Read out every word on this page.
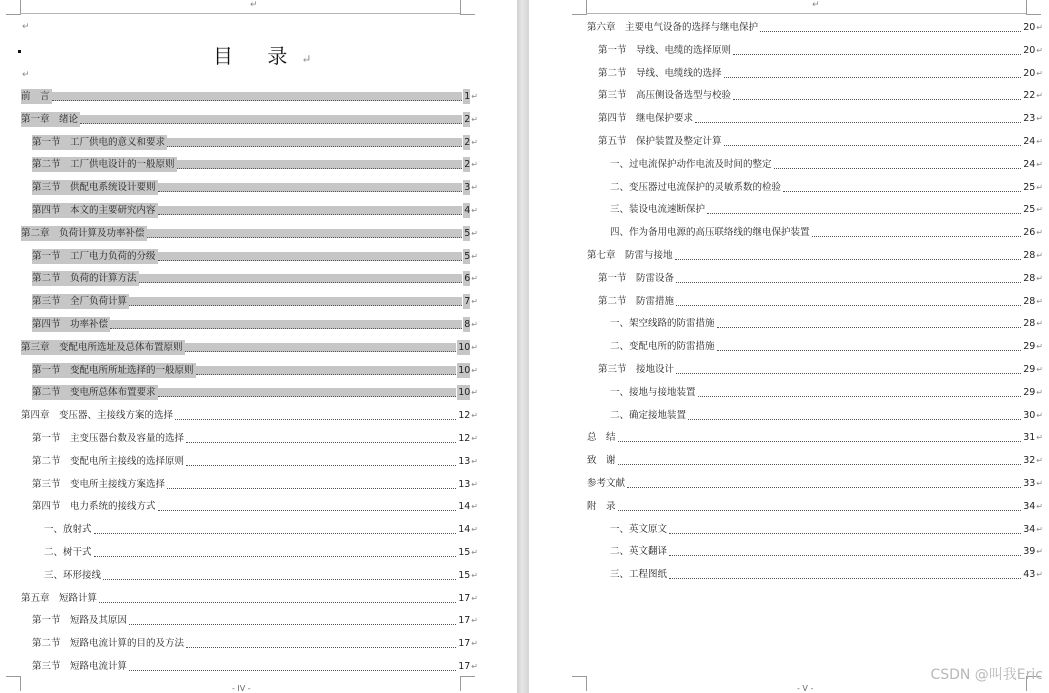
↵
↵
目 录↵
↵
前　言	1 ↵
第一章　绪论	2 ↵
第一节　工厂供电的意义和要求	2 ↵
第二节　工厂供电设计的一般原则	2 ↵
第三节　供配电系统设计要则	3 ↵
第四节　本文的主要研究内容	4 ↵
第二章　负荷计算及功率补偿	5 ↵
第一节　工厂电力负荷的分级	5 ↵
第二节　负荷的计算方法	6 ↵
第三节　全厂负荷计算	7 ↵
第四节　功率补偿	8 ↵
第三章　变配电所选址及总体布置原则	10 ↵
第一节　变配电所所址选择的一般原则	10 ↵
第二节　变电所总体布置要求	10 ↵
第四章　变压器、主接线方案的选择	12 ↵
第一节　主变压器台数及容量的选择	12 ↵
第二节　变配电所主接线的选择原则	13 ↵
第三节　变电所主接线方案选择	13 ↵
第四节　电力系统的接线方式	14 ↵
一、放射式	14 ↵
二、树干式	15 ↵
三、环形接线	15 ↵
第五章　短路计算	17 ↵
第一节　短路及其原因	17 ↵
第二节　短路电流计算的目的及方法	17 ↵
第三节　短路电流计算	17 ↵
- IV -
↵
第六章　主要电气设备的选择与继电保护	20 ↵
第一节　导线、电缆的选择原则	20 ↵
第二节　导线、电缆线的选择	20 ↵
第三节　高压侧设备选型与校验	22 ↵
第四节　继电保护要求	23 ↵
第五节　保护装置及整定计算	24 ↵
一、过电流保护动作电流及时间的整定	24 ↵
二、变压器过电流保护的灵敏系数的检验	25 ↵
三、装设电流速断保护	25 ↵
四、作为备用电源的高压联络线的继电保护装置	26 ↵
第七章　防雷与接地	28 ↵
第一节　防雷设备	28 ↵
第二节　防雷措施	28 ↵
一、架空线路的防雷措施	28 ↵
二、变配电所的防雷措施	29 ↵
第三节　接地设计	29 ↵
一、接地与接地装置	29 ↵
二、确定接地装置	30 ↵
总　结	31 ↵
致　谢	32 ↵
参考文献	33 ↵
附　录	34 ↵
一、英文原文	34 ↵
二、英文翻译	39 ↵
三、工程图纸	43 ↵
- V -
CSDN @叫我Eric
